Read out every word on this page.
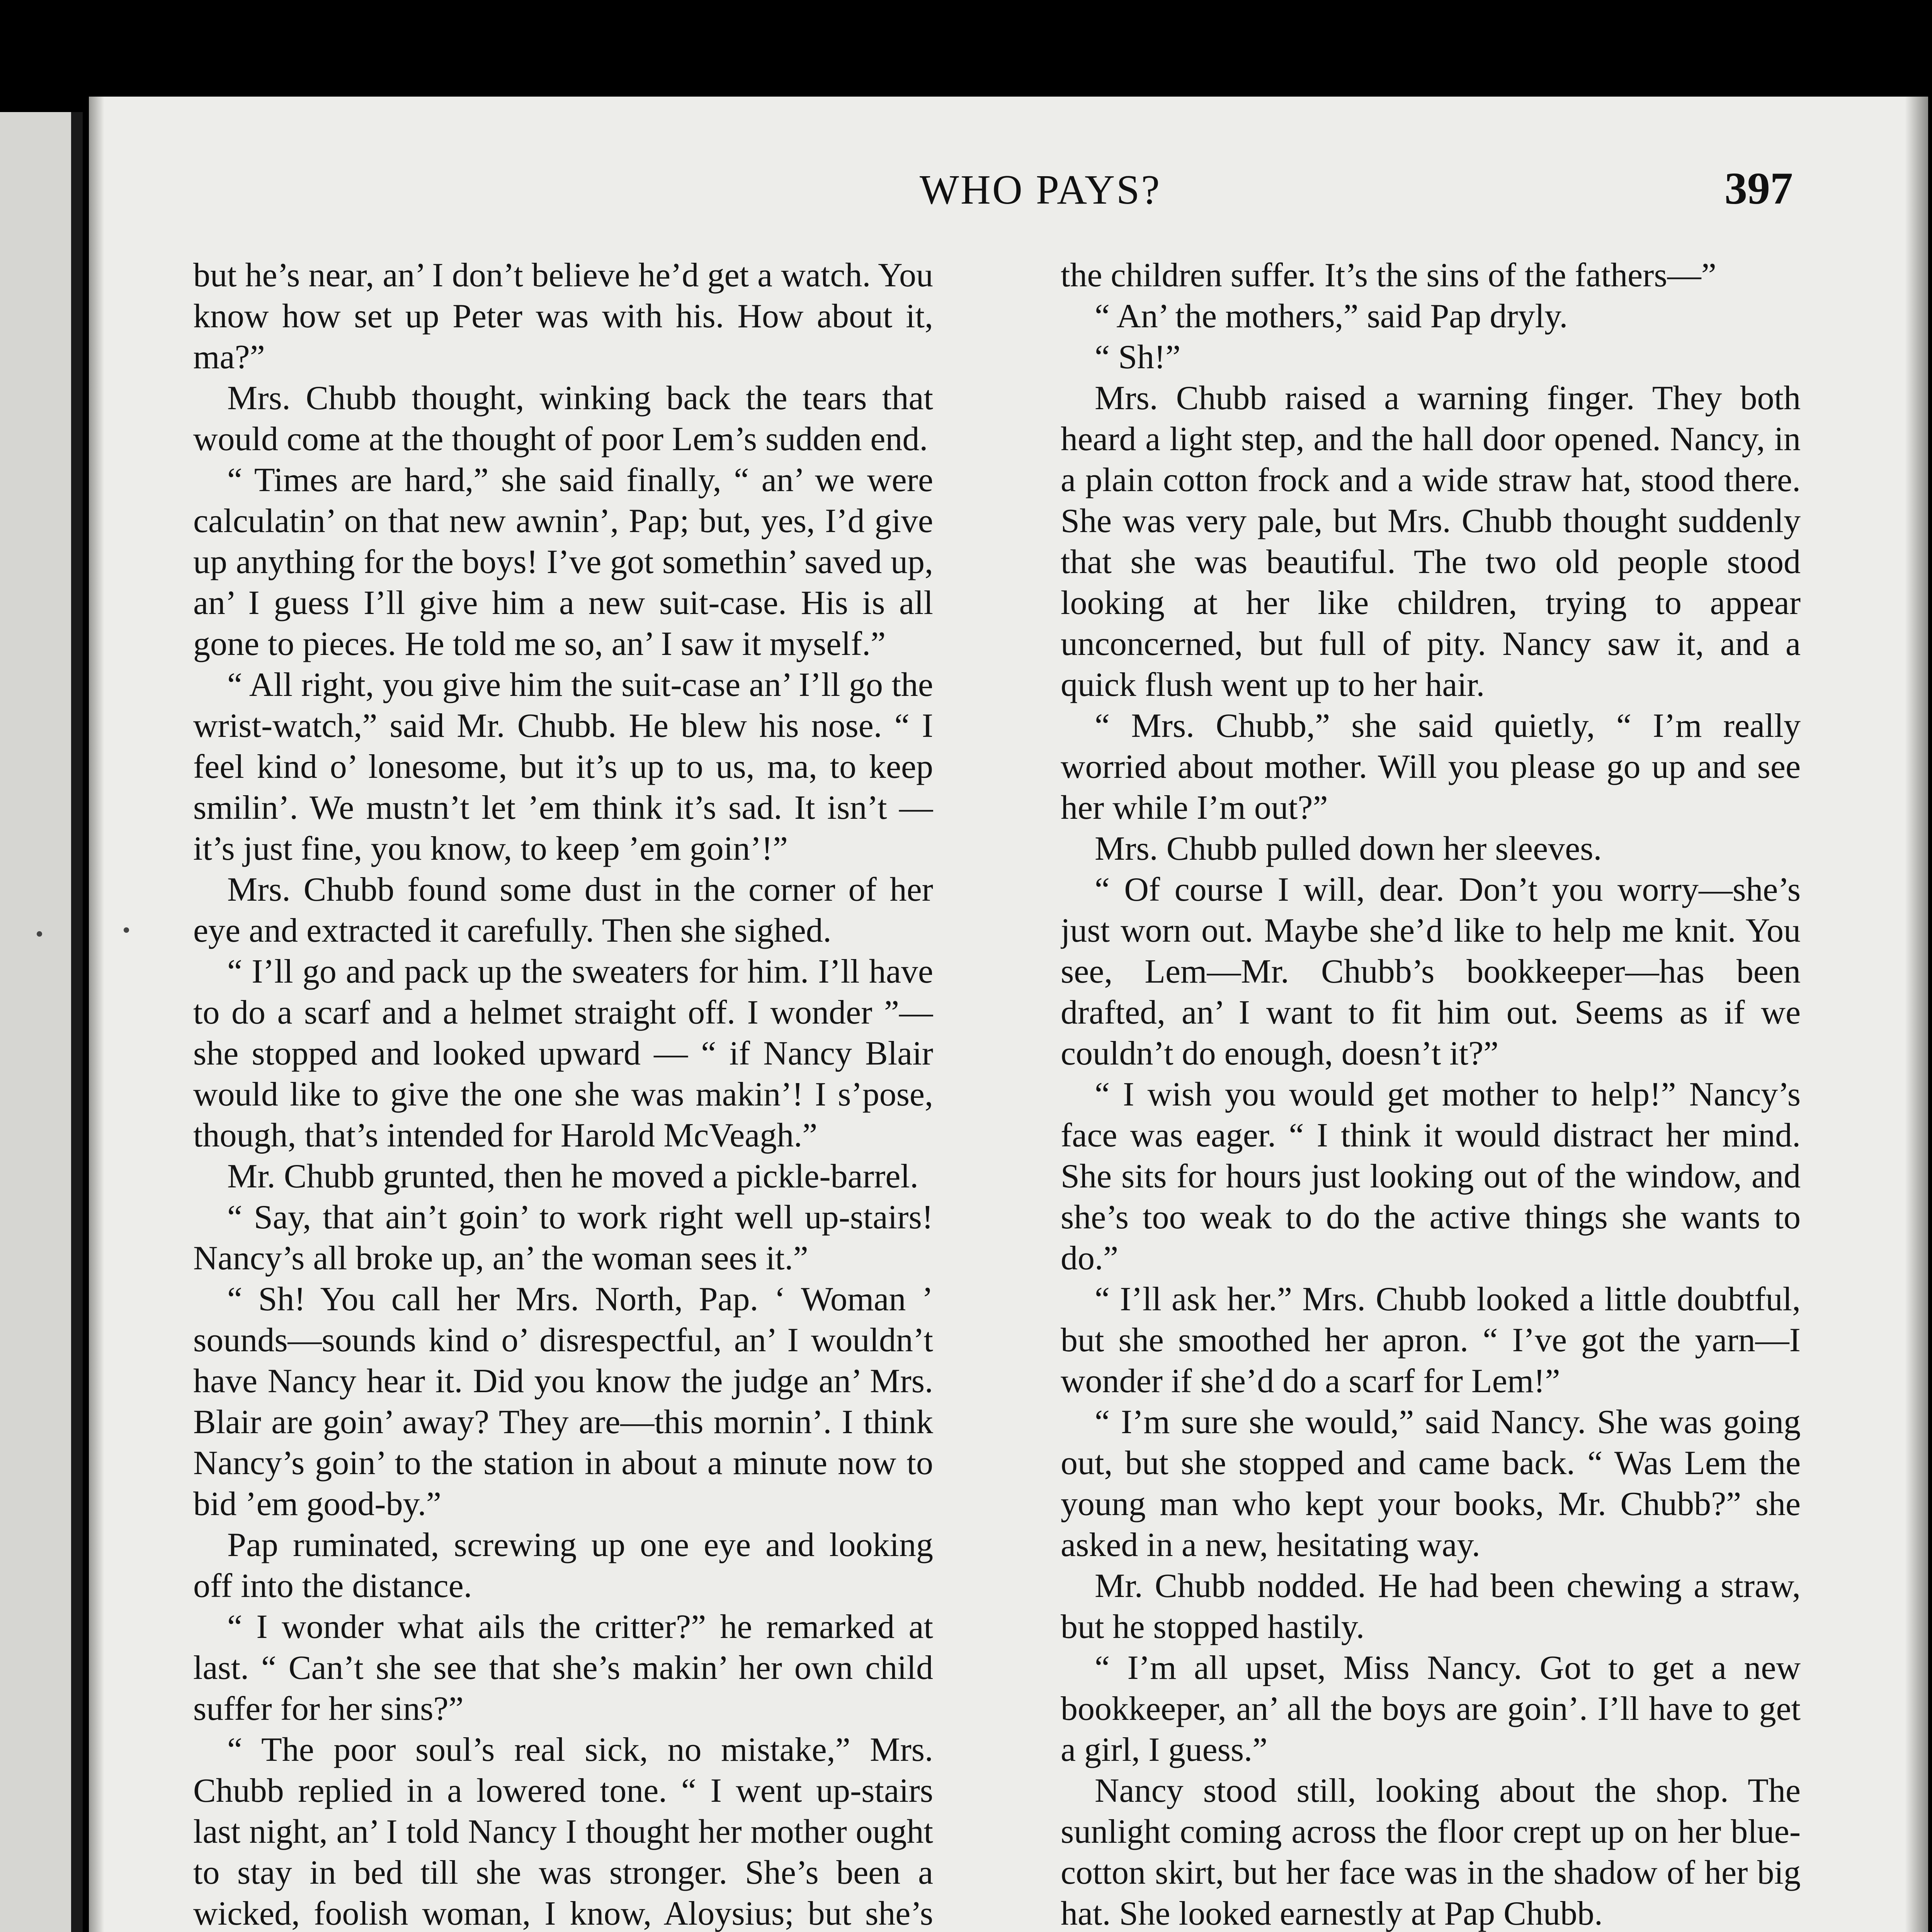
WHO PAYS?	397

but he’s near, an’ I don’t believe he’d get a watch. You know how set up Peter was with his. How about it, ma?”

Mrs. Chubb thought, winking back the tears that would come at the thought of poor Lem’s sudden end.

“ Times are hard,” she said finally, “ an’ we were calculatin’ on that new awnin’, Pap; but, yes, I’d give up anything for the boys! I’ve got somethin’ saved up, an’ I guess I’ll give him a new suit-case. His is all gone to pieces. He told me so, an’ I saw it myself.”

“ All right, you give him the suit-case an’ I’ll go the wrist-watch,” said Mr. Chubb. He blew his nose. “ I feel kind o’ lonesome, but it’s up to us, ma, to keep smilin’. We mustn’t let ’em think it’s sad. It isn’t —it’s just fine, you know, to keep ’em goin’!”

Mrs. Chubb found some dust in the corner of her eye and extracted it carefully. Then she sighed.

“ I’ll go and pack up the sweaters for him. I’ll have to do a scarf and a helmet straight off. I wonder ”—she stopped and looked upward — “ if Nancy Blair would like to give the one she was makin’! I s’pose, though, that’s intended for Harold McVeagh.”

Mr. Chubb grunted, then he moved a pickle-barrel.

“ Say, that ain’t goin’ to work right well up-stairs! Nancy’s all broke up, an’ the woman sees it.”

“ Sh! You call her Mrs. North, Pap. ‘ Woman ’ sounds—sounds kind o’ disrespectful, an’ I wouldn’t have Nancy hear it. Did you know the judge an’ Mrs. Blair are goin’ away? They are—this mornin’. I think Nancy’s goin’ to the station in about a minute now to bid ’em good-by.”

Pap ruminated, screwing up one eye and looking off into the distance.

“ I wonder what ails the critter?” he remarked at last. “ Can’t she see that she’s makin’ her own child suffer for her sins?”

“ The poor soul’s real sick, no mistake,” Mrs. Chubb replied in a lowered tone. “ I went up-stairs last night, an’ I told Nancy I thought her mother ought to stay in bed till she was stronger. She’s been a wicked, foolish woman, I know, Aloysius; but she’s

the children suffer. It’s the sins of the fathers—”

“ An’ the mothers,” said Pap dryly.

“ Sh!”

Mrs. Chubb raised a warning finger. They both heard a light step, and the hall door opened. Nancy, in a plain cotton frock and a wide straw hat, stood there. She was very pale, but Mrs. Chubb thought suddenly that she was beautiful. The two old people stood looking at her like children, trying to appear unconcerned, but full of pity. Nancy saw it, and a quick flush went up to her hair.

“ Mrs. Chubb,” she said quietly, “ I’m really worried about mother. Will you please go up and see her while I’m out?”

Mrs. Chubb pulled down her sleeves.

“ Of course I will, dear. Don’t you worry—she’s just worn out. Maybe she’d like to help me knit. You see, Lem—Mr. Chubb’s bookkeeper—has been drafted, an’ I want to fit him out. Seems as if we couldn’t do enough, doesn’t it?”

“ I wish you would get mother to help!” Nancy’s face was eager. “ I think it would distract her mind. She sits for hours just looking out of the window, and she’s too weak to do the active things she wants to do.”

“ I’ll ask her.” Mrs. Chubb looked a little doubtful, but she smoothed her apron. “ I’ve got the yarn—I wonder if she’d do a scarf for Lem!”

“ I’m sure she would,” said Nancy. She was going out, but she stopped and came back. “ Was Lem the young man who kept your books, Mr. Chubb?” she asked in a new, hesitating way.

Mr. Chubb nodded. He had been chewing a straw, but he stopped hastily.

“ I’m all upset, Miss Nancy. Got to get a new bookkeeper, an’ all the boys are goin’. I’ll have to get a girl, I guess.”

Nancy stood still, looking about the shop. The sunlight coming across the floor crept up on her blue-cotton skirt, but her face was in the shadow of her big hat. She looked earnestly at Pap Chubb.
